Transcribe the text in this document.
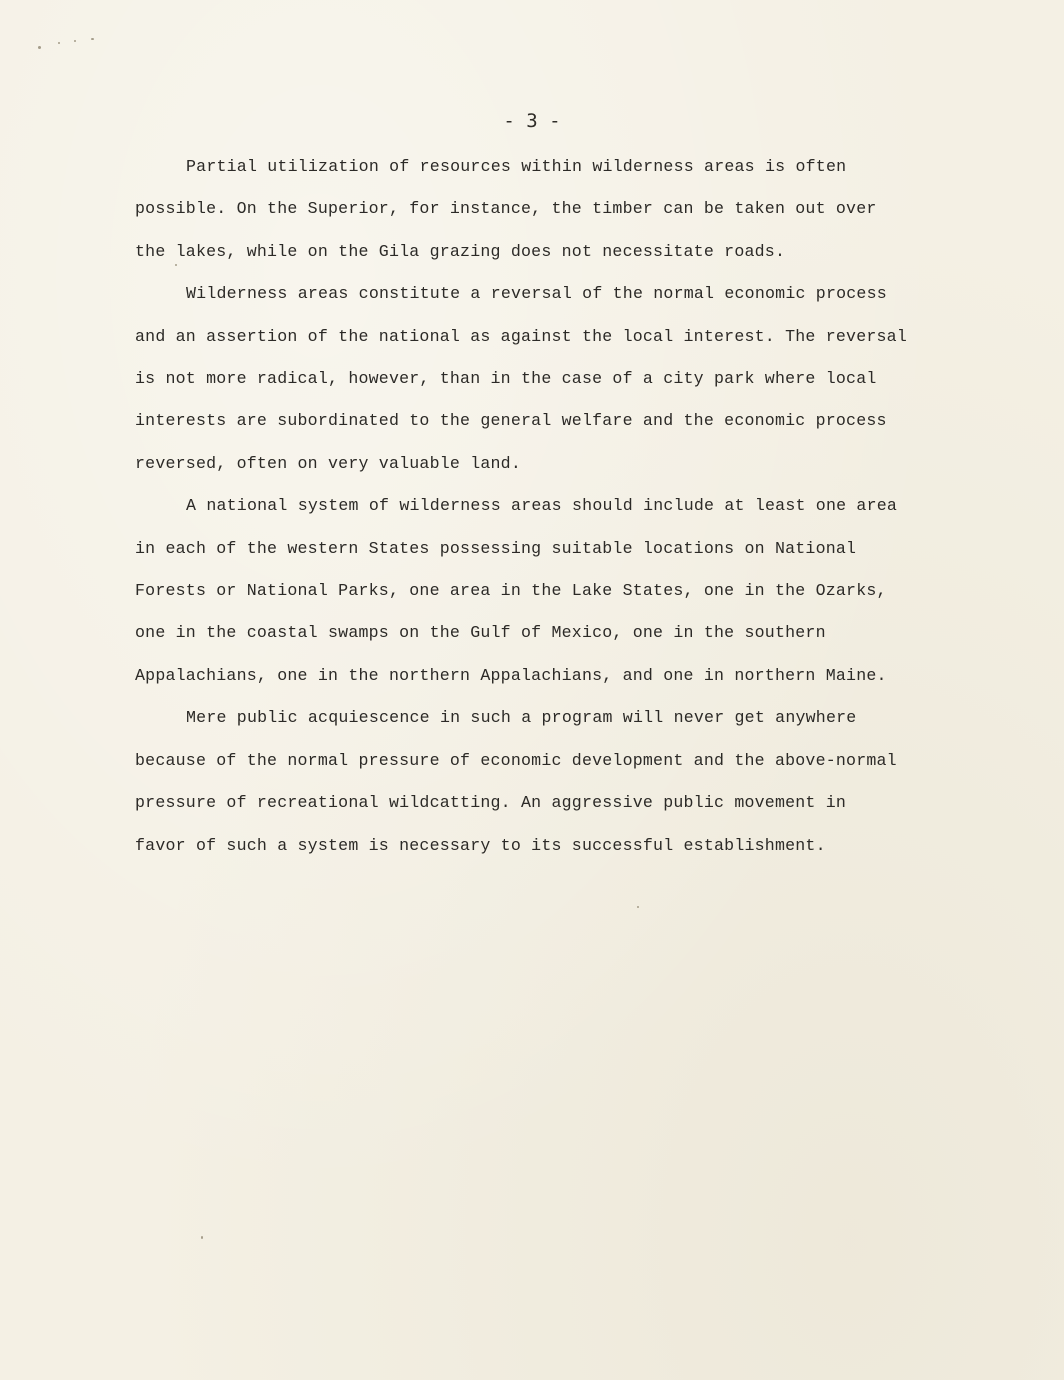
- 3 -
Partial utilization of resources within wilderness areas is often
possible. On the Superior, for instance, the timber can be taken out over
the lakes, while on the Gila grazing does not necessitate roads.
Wilderness areas constitute a reversal of the normal economic process
and an assertion of the national as against the local interest. The reversal
is not more radical, however, than in the case of a city park where local
interests are subordinated to the general welfare and the economic process
reversed, often on very valuable land.
A national system of wilderness areas should include at least one area
in each of the western States possessing suitable locations on National
Forests or National Parks, one area in the Lake States, one in the Ozarks,
one in the coastal swamps on the Gulf of Mexico, one in the southern
Appalachians, one in the northern Appalachians, and one in northern Maine.
Mere public acquiescence in such a program will never get anywhere
because of the normal pressure of economic development and the above-normal
pressure of recreational wildcatting. An aggressive public movement in
favor of such a system is necessary to its successful establishment.
